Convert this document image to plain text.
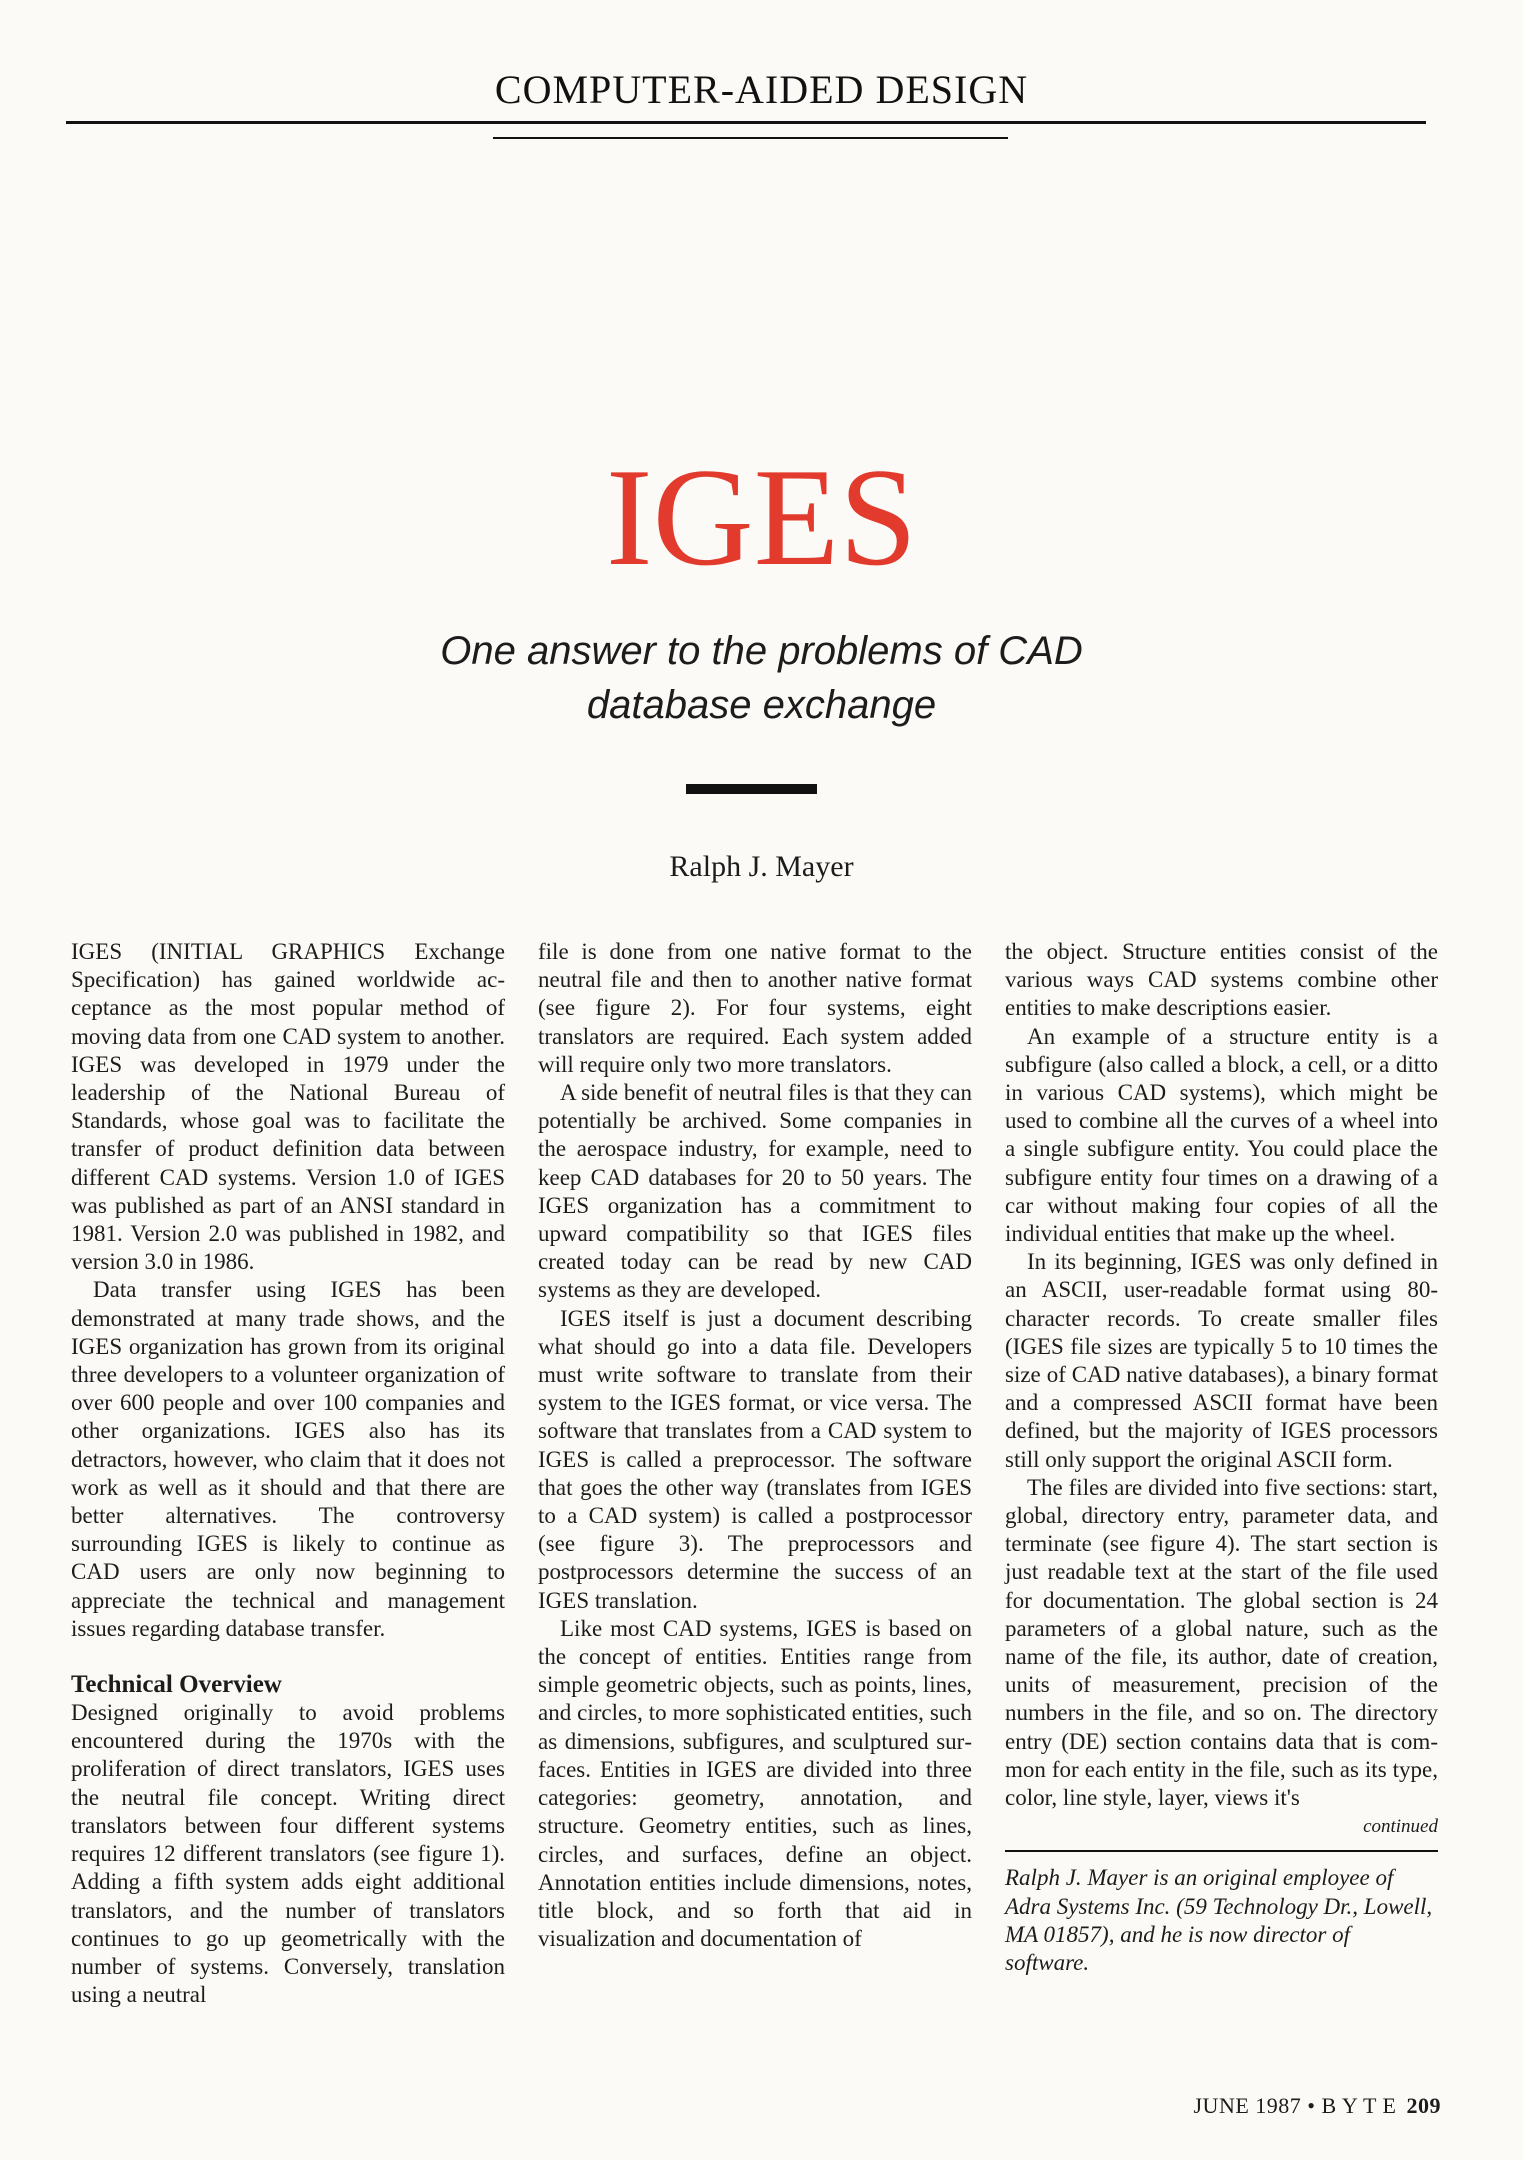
COMPUTER-AIDED DESIGN
IGES
One answer to the problems of CAD
database exchange
Ralph J. Mayer

IGES (INITIAL GRAPHICS Exchange Specification) has gained worldwide acceptance as the most popular method of moving data from one CAD system to another. IGES was developed in 1979 under the leadership of the National Bureau of Standards, whose goal was to facilitate the transfer of product definition data between different CAD systems. Version 1.0 of IGES was published as part of an ANSI standard in 1981. Version 2.0 was published in 1982, and version 3.0 in 1986.

Data transfer using IGES has been demonstrated at many trade shows, and the IGES organization has grown from its original three developers to a volunteer organization of over 600 people and over 100 companies and other organizations. IGES also has its detractors, however, who claim that it does not work as well as it should and that there are better alternatives. The controversy surrounding IGES is likely to continue as CAD users are only now beginning to appreciate the technical and management issues regarding database transfer.

Technical Overview

Designed originally to avoid problems encountered during the 1970s with the proliferation of direct translators, IGES uses the neutral file concept. Writing direct translators between four different systems requires 12 different translators (see figure 1). Adding a fifth system adds eight additional translators, and the number of translators continues to go up geometrically with the number of systems. Conversely, translation using a neutral

file is done from one native format to the neutral file and then to another native format (see figure 2). For four systems, eight translators are required. Each system added will require only two more translators.

A side benefit of neutral files is that they can potentially be archived. Some companies in the aerospace industry, for example, need to keep CAD databases for 20 to 50 years. The IGES organization has a commitment to upward compatibility so that IGES files created today can be read by new CAD systems as they are developed.

IGES itself is just a document describing what should go into a data file. Developers must write software to translate from their system to the IGES format, or vice versa. The software that translates from a CAD system to IGES is called a preprocessor. The software that goes the other way (translates from IGES to a CAD system) is called a postprocessor (see figure 3). The preprocessors and postprocessors determine the success of an IGES translation.

Like most CAD systems, IGES is based on the concept of entities. Entities range from simple geometric objects, such as points, lines, and circles, to more sophisticated entities, such as dimensions, subfigures, and sculptured surfaces. Entities in IGES are divided into three categories: geometry, annotation, and structure. Geometry entities, such as lines, circles, and surfaces, define an object. Annotation entities include dimensions, notes, title block, and so forth that aid in visualization and documentation of

the object. Structure entities consist of the various ways CAD systems combine other entities to make descriptions easier.

An example of a structure entity is a subfigure (also called a block, a cell, or a ditto in various CAD systems), which might be used to combine all the curves of a wheel into a single subfigure entity. You could place the subfigure entity four times on a drawing of a car without making four copies of all the individual entities that make up the wheel.

In its beginning, IGES was only defined in an ASCII, user-readable format using 80-character records. To create smaller files (IGES file sizes are typically 5 to 10 times the size of CAD native databases), a binary format and a compressed ASCII format have been defined, but the majority of IGES processors still only support the original ASCII form.

The files are divided into five sections: start, global, directory entry, parameter data, and terminate (see figure 4). The start section is just readable text at the start of the file used for documentation. The global section is 24 parameters of a global nature, such as the name of the file, its author, date of creation, units of measurement, precision of the numbers in the file, and so on. The directory entry (DE) section contains data that is common for each entity in the file, such as its type, color, line style, layer, views it's

continued

Ralph J. Mayer is an original employee of Adra Systems Inc. (59 Technology Dr., Lowell, MA 01857), and he is now director of software.

JUNE 1987 • B Y T E 209
